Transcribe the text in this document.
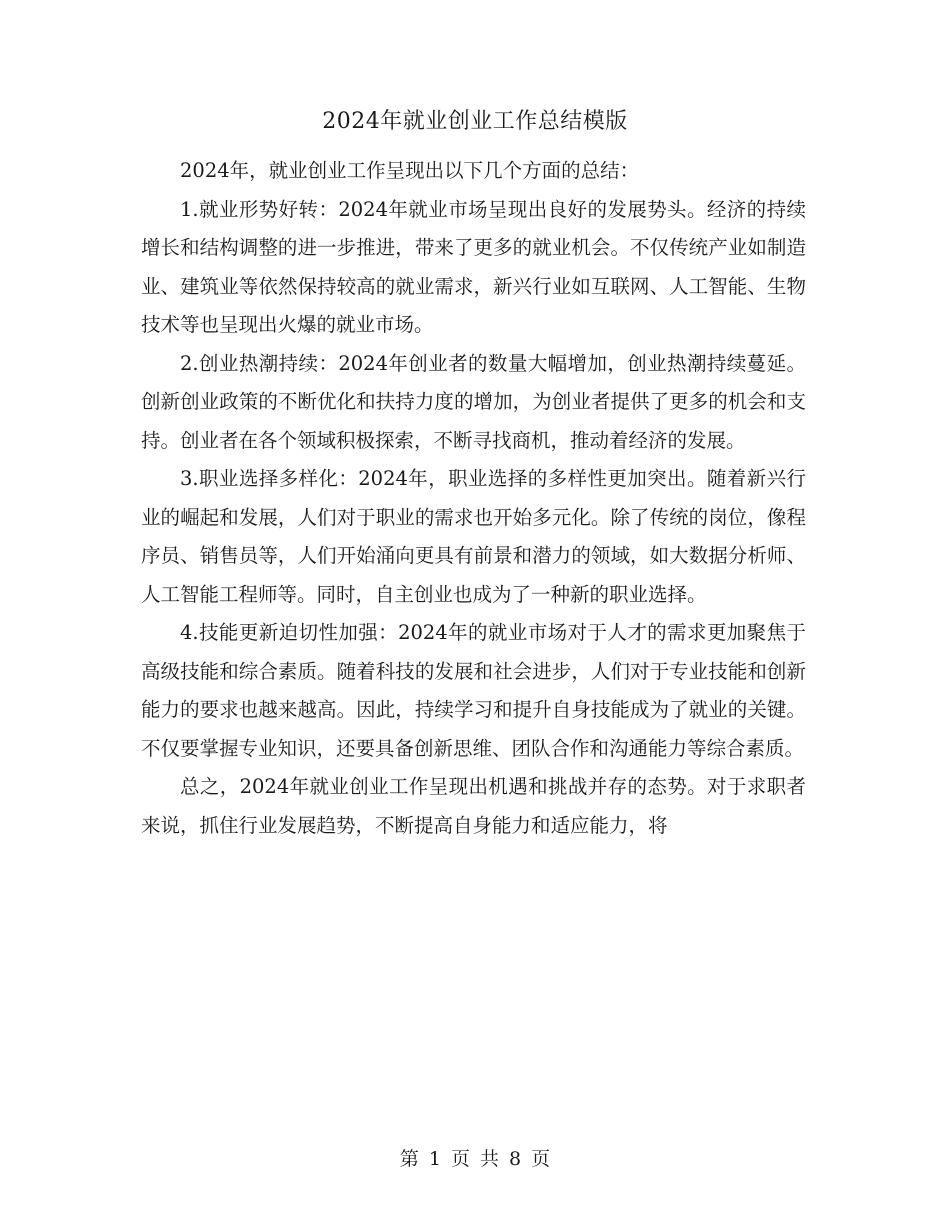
2024年就业创业工作总结模版

2024年，就业创业工作呈现出以下几个方面的总结：

1.就业形势好转：2024年就业市场呈现出良好的发展势头。经济的持续增长和结构调整的进一步推进，带来了更多的就业机会。不仅传统产业如制造业、建筑业等依然保持较高的就业需求，新兴行业如互联网、人工智能、生物技术等也呈现出火爆的就业市场。

2.创业热潮持续：2024年创业者的数量大幅增加，创业热潮持续蔓延。创新创业政策的不断优化和扶持力度的增加，为创业者提供了更多的机会和支持。创业者在各个领域积极探索，不断寻找商机，推动着经济的发展。

3.职业选择多样化：2024年，职业选择的多样性更加突出。随着新兴行业的崛起和发展，人们对于职业的需求也开始多元化。除了传统的岗位，像程序员、销售员等，人们开始涌向更具有前景和潜力的领域，如大数据分析师、人工智能工程师等。同时，自主创业也成为了一种新的职业选择。

4.技能更新迫切性加强：2024年的就业市场对于人才的需求更加聚焦于高级技能和综合素质。随着科技的发展和社会进步，人们对于专业技能和创新能力的要求也越来越高。因此，持续学习和提升自身技能成为了就业的关键。不仅要掌握专业知识，还要具备创新思维、团队合作和沟通能力等综合素质。

总之，2024年就业创业工作呈现出机遇和挑战并存的态势。对于求职者来说，抓住行业发展趋势，不断提高自身能力和适应能力，将

第 1 页 共 8 页
